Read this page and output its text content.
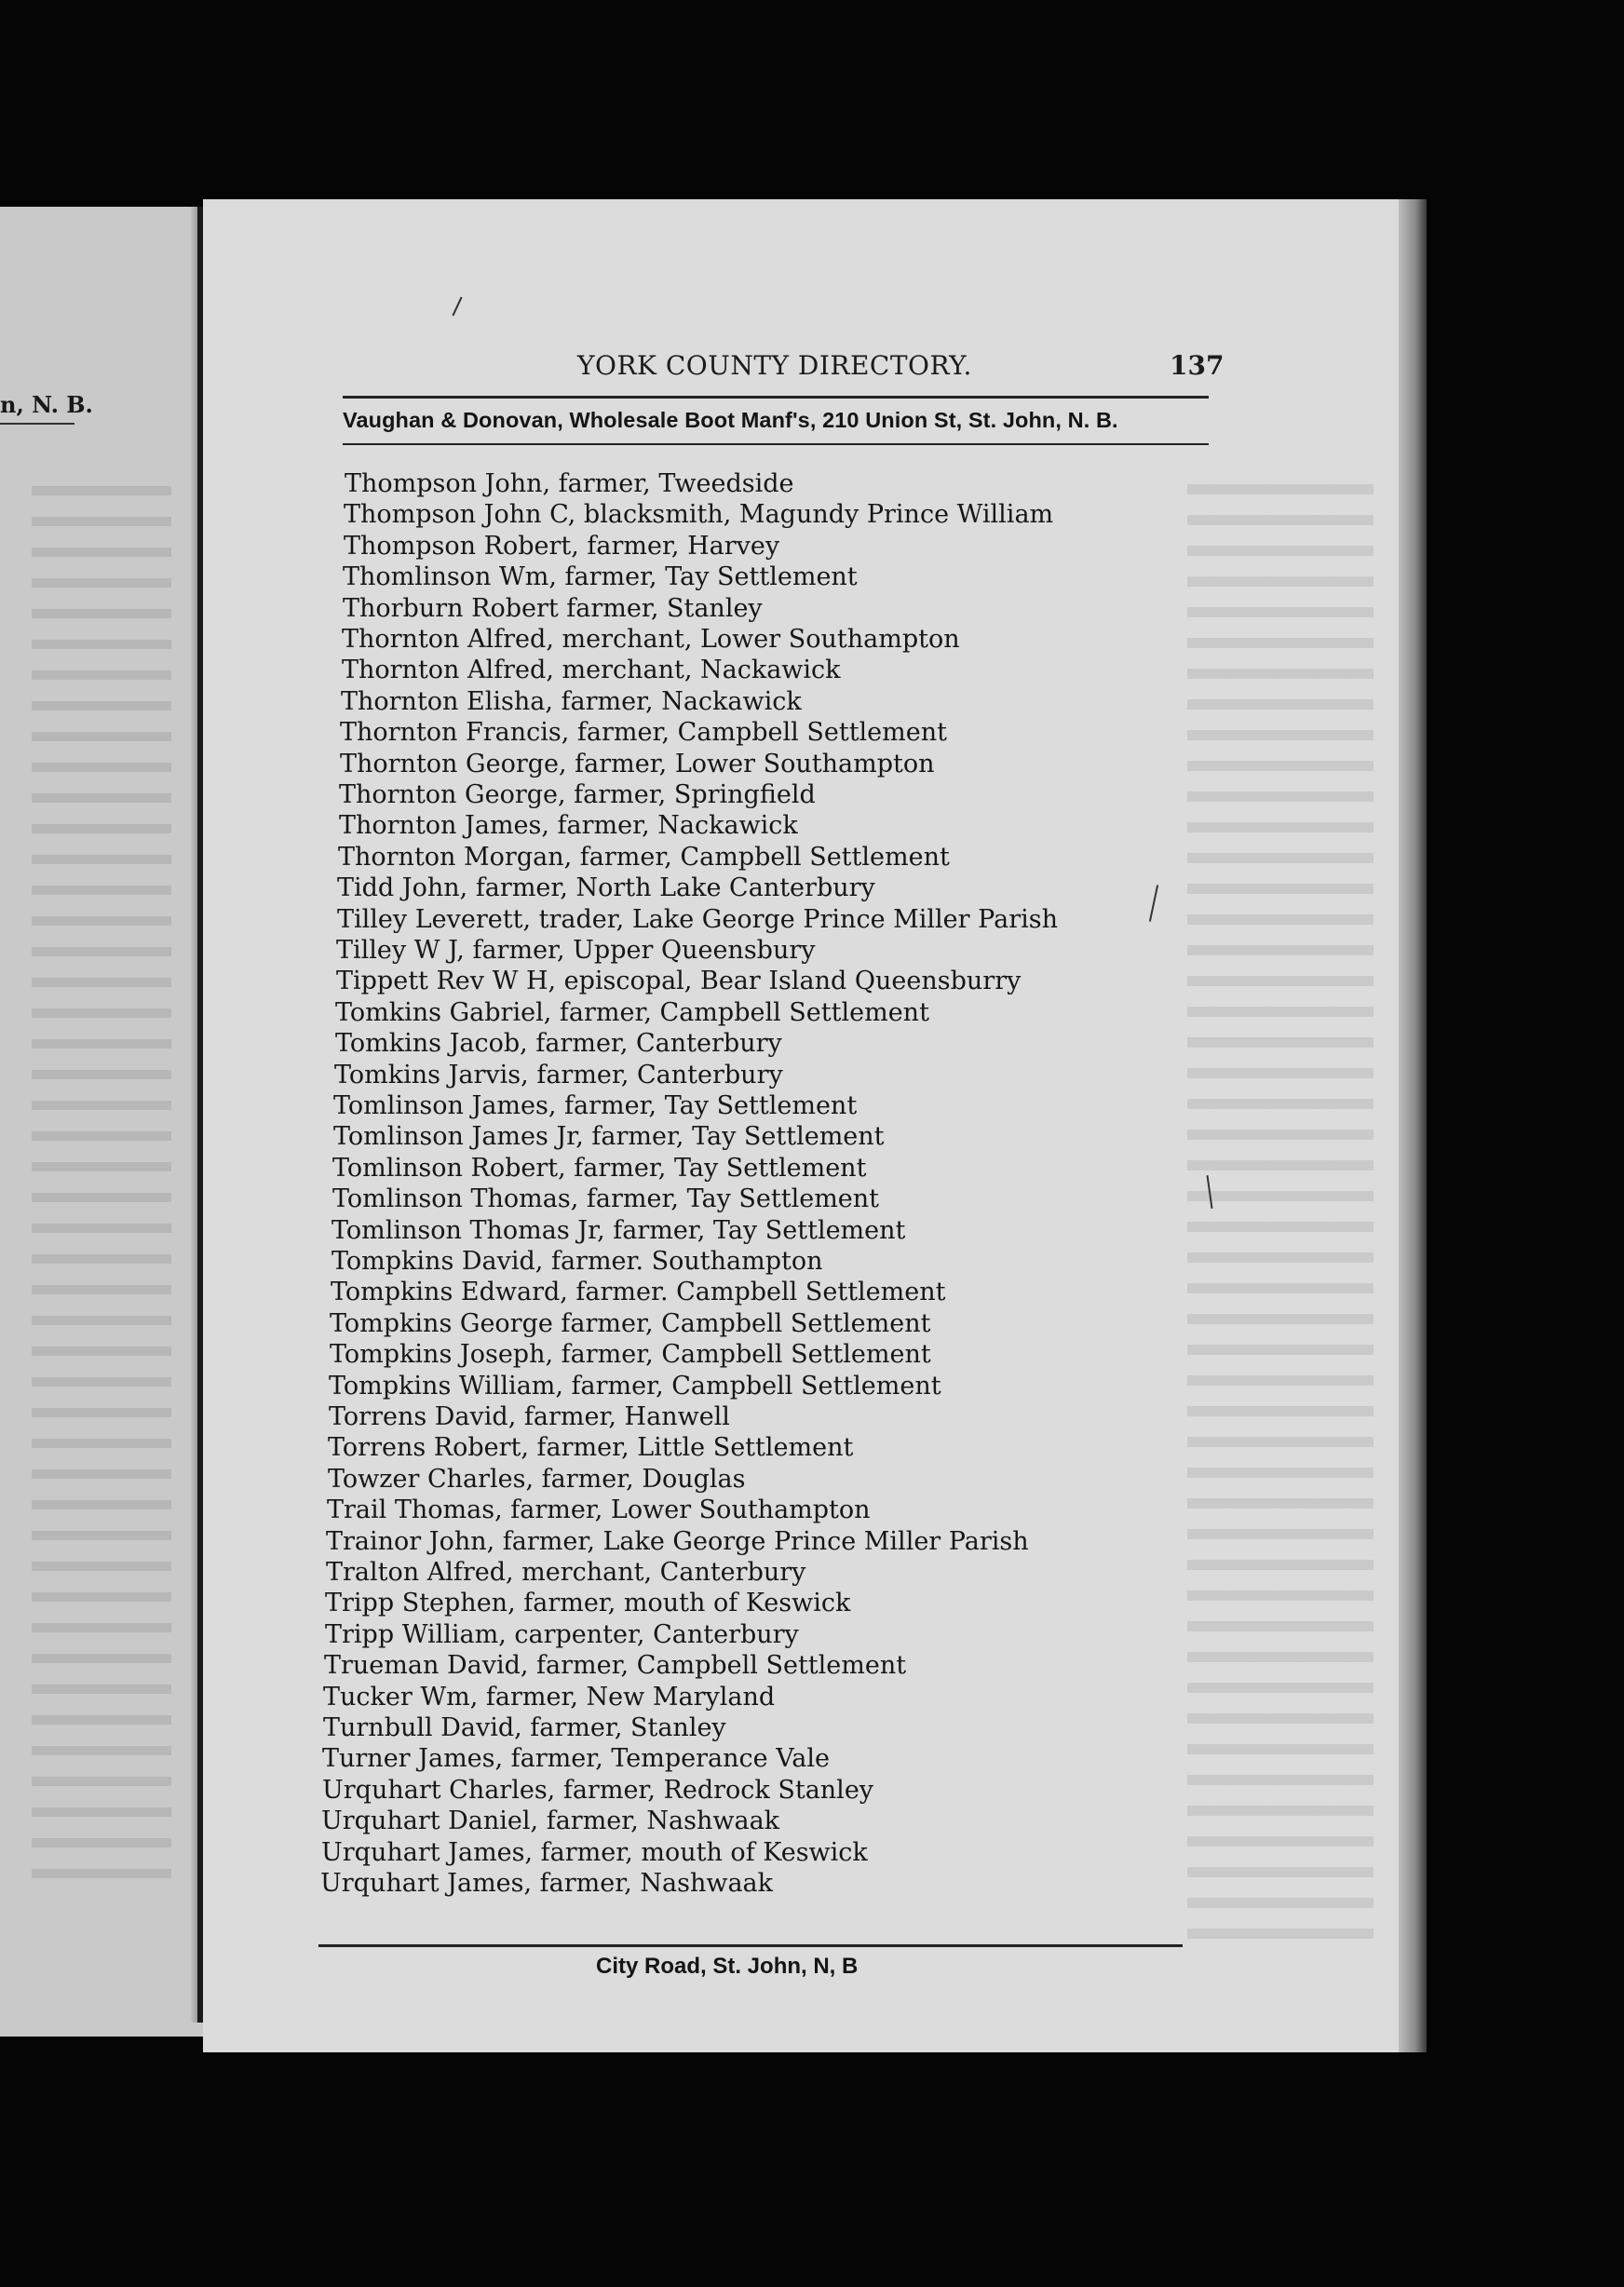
n, N. B.
YORK COUNTY DIRECTORY.	137
Vaughan & Donovan, Wholesale Boot Manf's, 210 Union St, St. John, N. B.
Thompson John, farmer, Tweedside
Thompson John C, blacksmith, Magundy Prince William
Thompson Robert, farmer, Harvey
Thomlinson Wm, farmer, Tay Settlement
Thorburn Robert farmer, Stanley
Thornton Alfred, merchant, Lower Southampton
Thornton Alfred, merchant, Nackawick
Thornton Elisha, farmer, Nackawick
Thornton Francis, farmer, Campbell Settlement
Thornton George, farmer, Lower Southampton
Thornton George, farmer, Springfield
Thornton James, farmer, Nackawick
Thornton Morgan, farmer, Campbell Settlement
Tidd John, farmer, North Lake Canterbury
Tilley Leverett, trader, Lake George Prince Miller Parish
Tilley W J, farmer, Upper Queensbury
Tippett Rev W H, episcopal, Bear Island Queensburry
Tomkins Gabriel, farmer, Campbell Settlement
Tomkins Jacob, farmer, Canterbury
Tomkins Jarvis, farmer, Canterbury
Tomlinson James, farmer, Tay Settlement
Tomlinson James Jr, farmer, Tay Settlement
Tomlinson Robert, farmer, Tay Settlement
Tomlinson Thomas, farmer, Tay Settlement
Tomlinson Thomas Jr, farmer, Tay Settlement
Tompkins David, farmer. Southampton
Tompkins Edward, farmer. Campbell Settlement
Tompkins George farmer, Campbell Settlement
Tompkins Joseph, farmer, Campbell Settlement
Tompkins William, farmer, Campbell Settlement
Torrens David, farmer, Hanwell
Torrens Robert, farmer, Little Settlement
Towzer Charles, farmer, Douglas
Trail Thomas, farmer, Lower Southampton
Trainor John, farmer, Lake George Prince Miller Parish
Tralton Alfred, merchant, Canterbury
Tripp Stephen, farmer, mouth of Keswick
Tripp William, carpenter, Canterbury
Trueman David, farmer, Campbell Settlement
Tucker Wm, farmer, New Maryland
Turnbull David, farmer, Stanley
Turner James, farmer, Temperance Vale
Urquhart Charles, farmer, Redrock Stanley
Urquhart Daniel, farmer, Nashwaak
Urquhart James, farmer, mouth of Keswick
Urquhart James, farmer, Nashwaak
City Road, St. John, N, B
